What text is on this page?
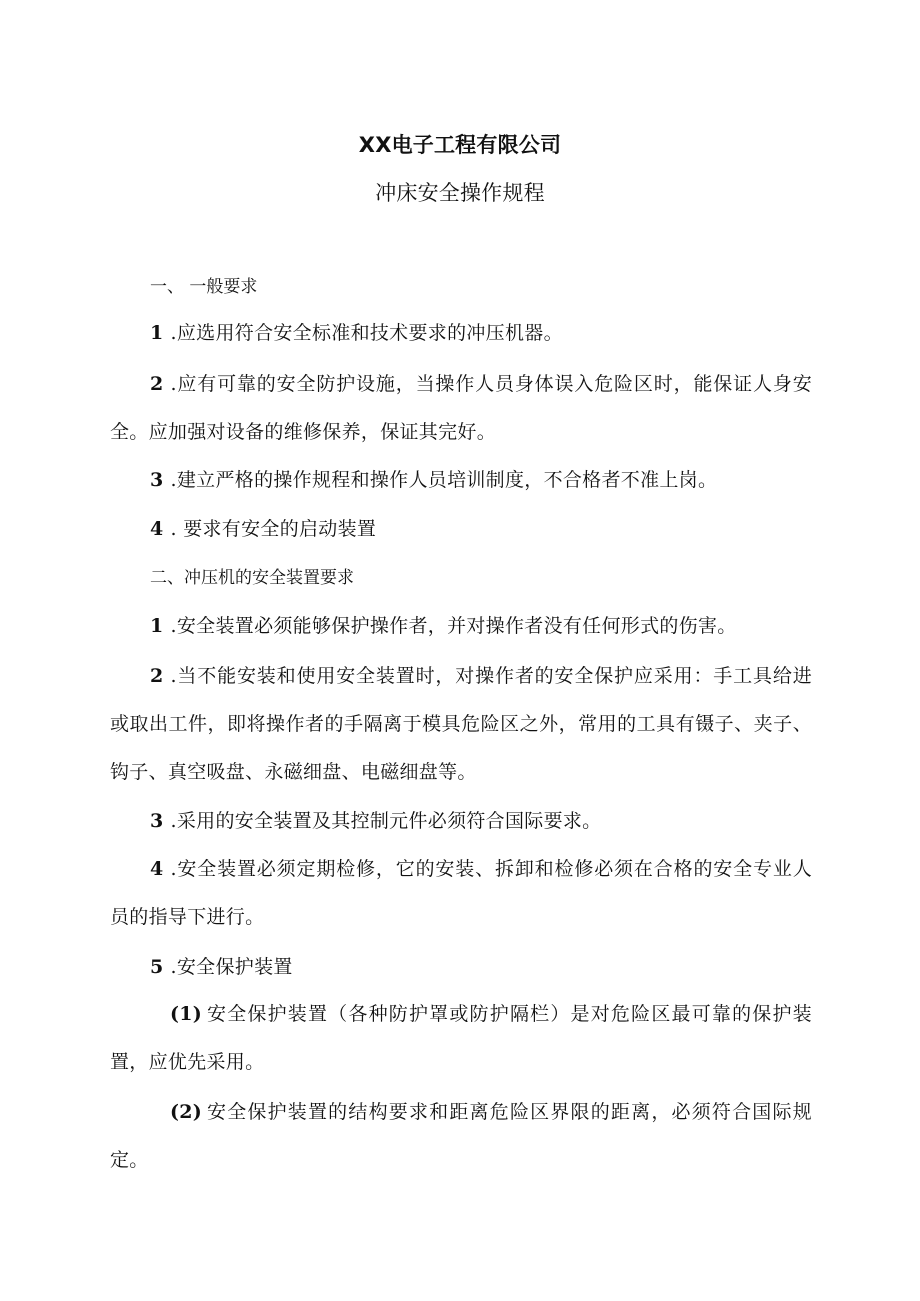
XX电子工程有限公司
冲床安全操作规程
一、 一般要求

1 .应选用符合安全标准和技术要求的冲压机器。

2 .应有可靠的安全防护设施，当操作人员身体误入危险区时，能保证人身安全。应加强对设备的维修保养，保证其完好。

3 .建立严格的操作规程和操作人员培训制度，不合格者不准上岗。

4 . 要求有安全的启动装置

二、冲压机的安全装置要求

1 .安全装置必须能够保护操作者，并对操作者没有任何形式的伤害。

2 .当不能安装和使用安全装置时，对操作者的安全保护应采用：手工具给进或取出工件，即将操作者的手隔离于模具危险区之外，常用的工具有镊子、夹子、钩子、真空吸盘、永磁细盘、电磁细盘等。

3 .采用的安全装置及其控制元件必须符合国际要求。

4 .安全装置必须定期检修，它的安装、拆卸和检修必须在合格的安全专业人员的指导下进行。

5 .安全保护装置

(1) 安全保护装置（各种防护罩或防护隔栏）是对危险区最可靠的保护装置，应优先采用。

(2) 安全保护装置的结构要求和距离危险区界限的距离，必须符合国际规定。
